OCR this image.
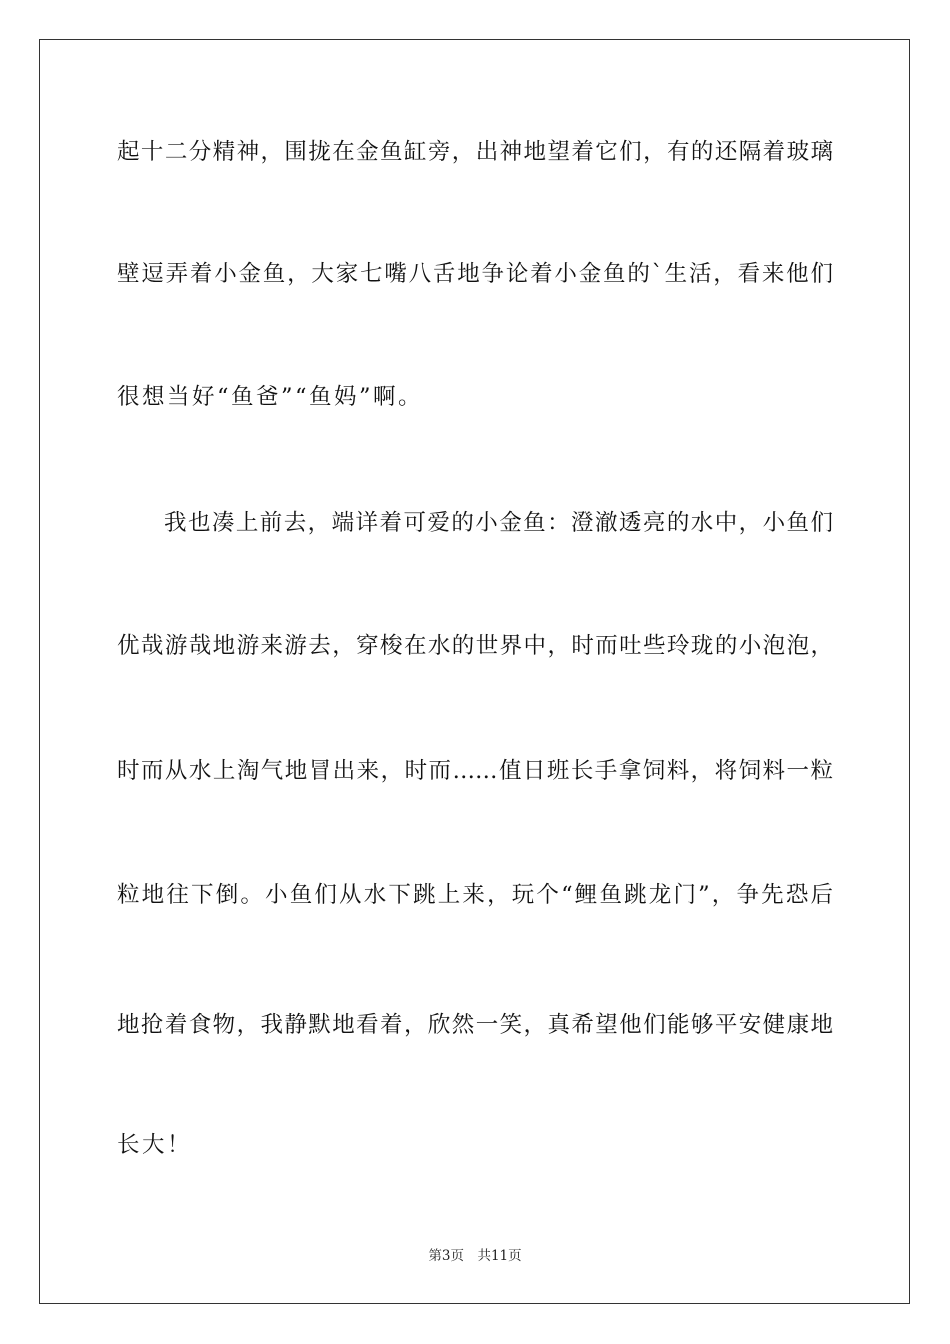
起十二分精神，围拢在金鱼缸旁，出神地望着它们，有的还隔着玻璃
壁逗弄着小金鱼，大家七嘴八舌地争论着小金鱼的`生活，看来他们
很想当好“鱼爸”“鱼妈”啊。
我也凑上前去，端详着可爱的小金鱼：澄澈透亮的水中，小鱼们
优哉游哉地游来游去，穿梭在水的世界中，时而吐些玲珑的小泡泡，
时而从水上淘气地冒出来，时而……值日班长手拿饲料，将饲料一粒
粒地往下倒。小鱼们从水下跳上来，玩个“鲤鱼跳龙门”，争先恐后
地抢着食物，我静默地看着，欣然一笑，真希望他们能够平安健康地
长大！
第3页　共11页
